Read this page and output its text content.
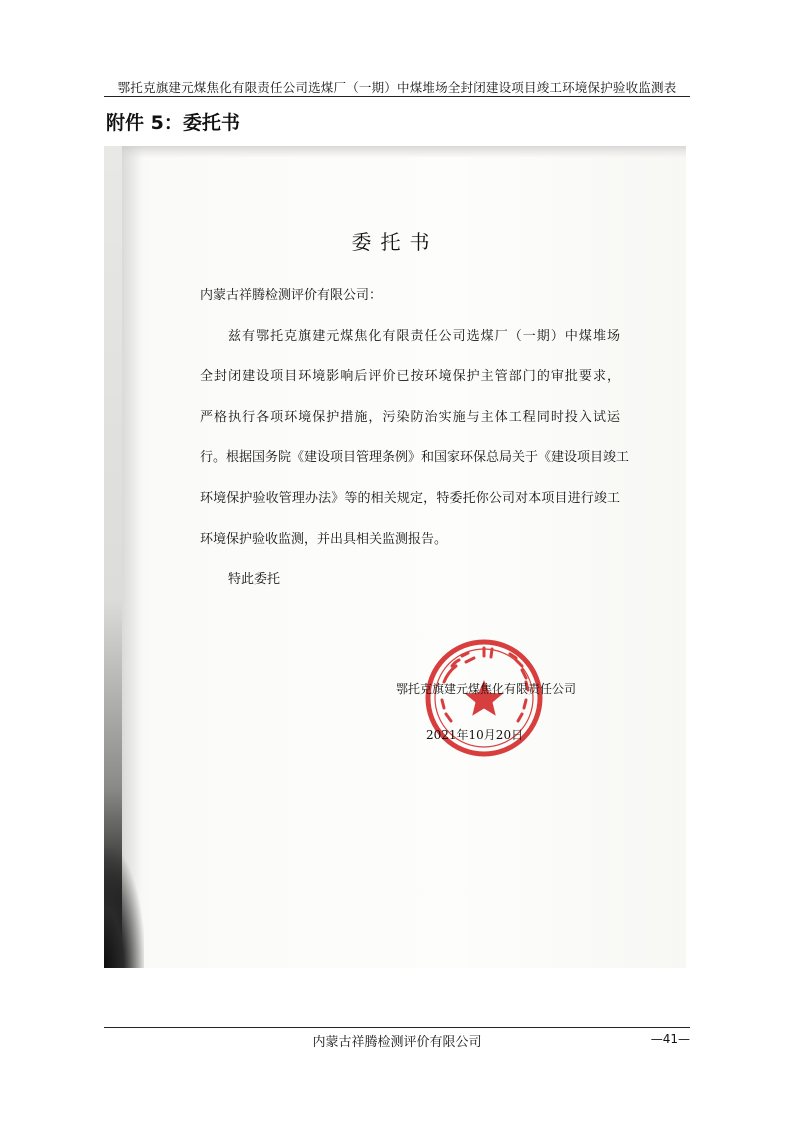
鄂托克旗建元煤焦化有限责任公司选煤厂（一期）中煤堆场全封闭建设项目竣工环境保护验收监测表
附件 5：委托书
委托书

内蒙古祥腾检测评价有限公司：

兹有鄂托克旗建元煤焦化有限责任公司选煤厂（一期）中煤堆场

全封闭建设项目环境影响后评价已按环境保护主管部门的审批要求，

严格执行各项环境保护措施，污染防治实施与主体工程同时投入试运

行。根据国务院《建设项目管理条例》和国家环保总局关于《建设项目竣工

环境保护验收管理办法》等的相关规定，特委托你公司对本项目进行竣工

环境保护验收监测，并出具相关监测报告。

特此委托

鄂托克旗建元煤焦化有限责任公司
2021年10月20日
内蒙古祥腾检测评价有限公司	—41—
